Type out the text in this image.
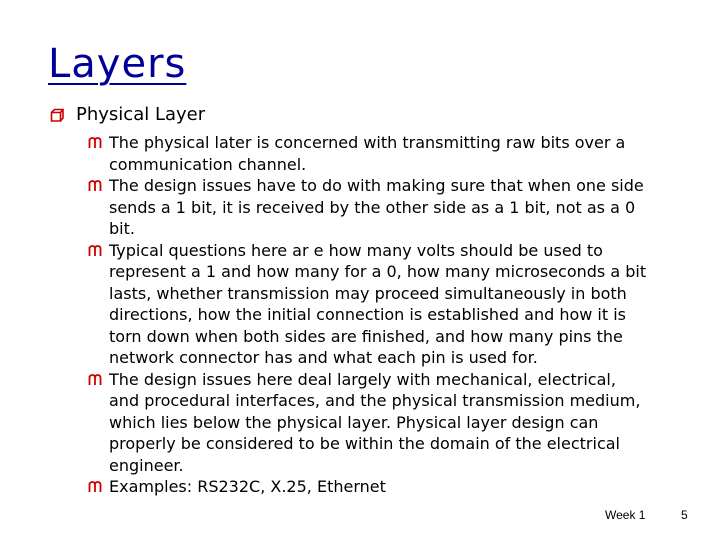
Layers
Physical Layer
The physical later is concerned with transmitting raw bits over a communication channel.
The design issues have to do with making sure that when one side sends a 1 bit, it is received by the other side as a 1 bit, not as a 0 bit.
Typical questions here ar e how many volts should be used to represent a 1 and how many for a 0, how many microseconds a bit lasts, whether transmission may proceed simultaneously in both directions, how the initial connection is established and how it is torn down when both sides are finished, and how many pins the network connector has and what each pin is used for.
The design issues here deal largely with mechanical, electrical, and procedural interfaces, and the physical transmission medium, which lies below the physical layer. Physical layer design can properly be considered to be within the domain of the electrical engineer.
Examples: RS232C, X.25, Ethernet
Week 1	5
